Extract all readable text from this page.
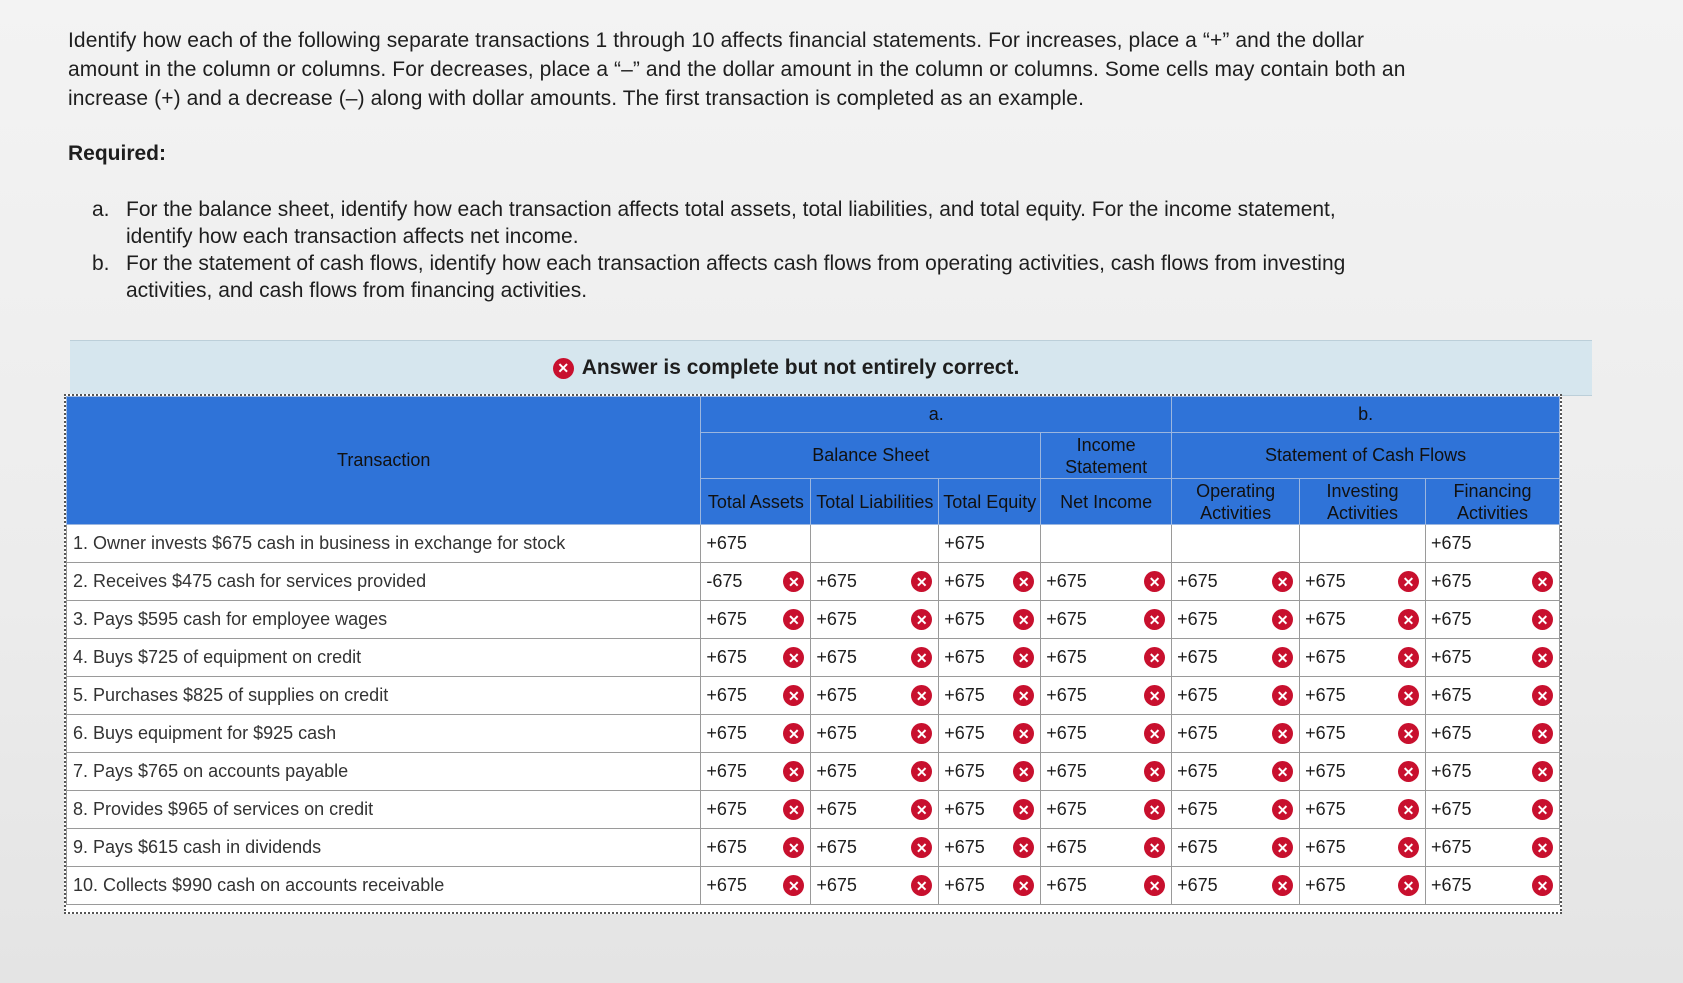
Identify how each of the following separate transactions 1 through 10 affects financial statements. For increases, place a “+” and the dollar amount in the column or columns. For decreases, place a “–” and the dollar amount in the column or columns. Some cells may contain both an increase (+) and a decrease (–) along with dollar amounts. The first transaction is completed as an example.

Required:
a. For the balance sheet, identify how each transaction affects total assets, total liabilities, and total equity. For the income statement, identify how each transaction affects net income.
b. For the statement of cash flows, identify how each transaction affects cash flows from operating activities, cash flows from investing activities, and cash flows from financing activities.
✕ Answer is complete but not entirely correct.
Transaction	a.				b.		
	Balance Sheet			Income Statement	Statement of Cash Flows		
	Total Assets	Total Liabilities	Total Equity	Net Income	Operating Activities	Investing Activities	Financing Activities
1. Owner invests $675 cash in business in exchange for stock	+675		+675				+675
2. Receives $475 cash for services provided	-675 ✕	+675 ✕	+675 ✕	+675 ✕	+675 ✕	+675 ✕	+675 ✕

3. Pays $595 cash for employee wages	+675 ✕	+675 ✕	+675 ✕	+675 ✕	+675 ✕	+675 ✕	+675 ✕

4. Buys $725 of equipment on credit	+675 ✕	+675 ✕	+675 ✕	+675 ✕	+675 ✕	+675 ✕	+675 ✕

5. Purchases $825 of supplies on credit	+675 ✕	+675 ✕	+675 ✕	+675 ✕	+675 ✕	+675 ✕	+675 ✕

6. Buys equipment for $925 cash	+675 ✕	+675 ✕	+675 ✕	+675 ✕	+675 ✕	+675 ✕	+675 ✕

7. Pays $765 on accounts payable	+675 ✕	+675 ✕	+675 ✕	+675 ✕	+675 ✕	+675 ✕	+675 ✕

8. Provides $965 of services on credit	+675 ✕	+675 ✕	+675 ✕	+675 ✕	+675 ✕	+675 ✕	+675 ✕

9. Pays $615 cash in dividends	+675 ✕	+675 ✕	+675 ✕	+675 ✕	+675 ✕	+675 ✕	+675 ✕

10. Collects $990 cash on accounts receivable	+675 ✕	+675 ✕	+675 ✕	+675 ✕	+675 ✕	+675 ✕	+675 ✕
